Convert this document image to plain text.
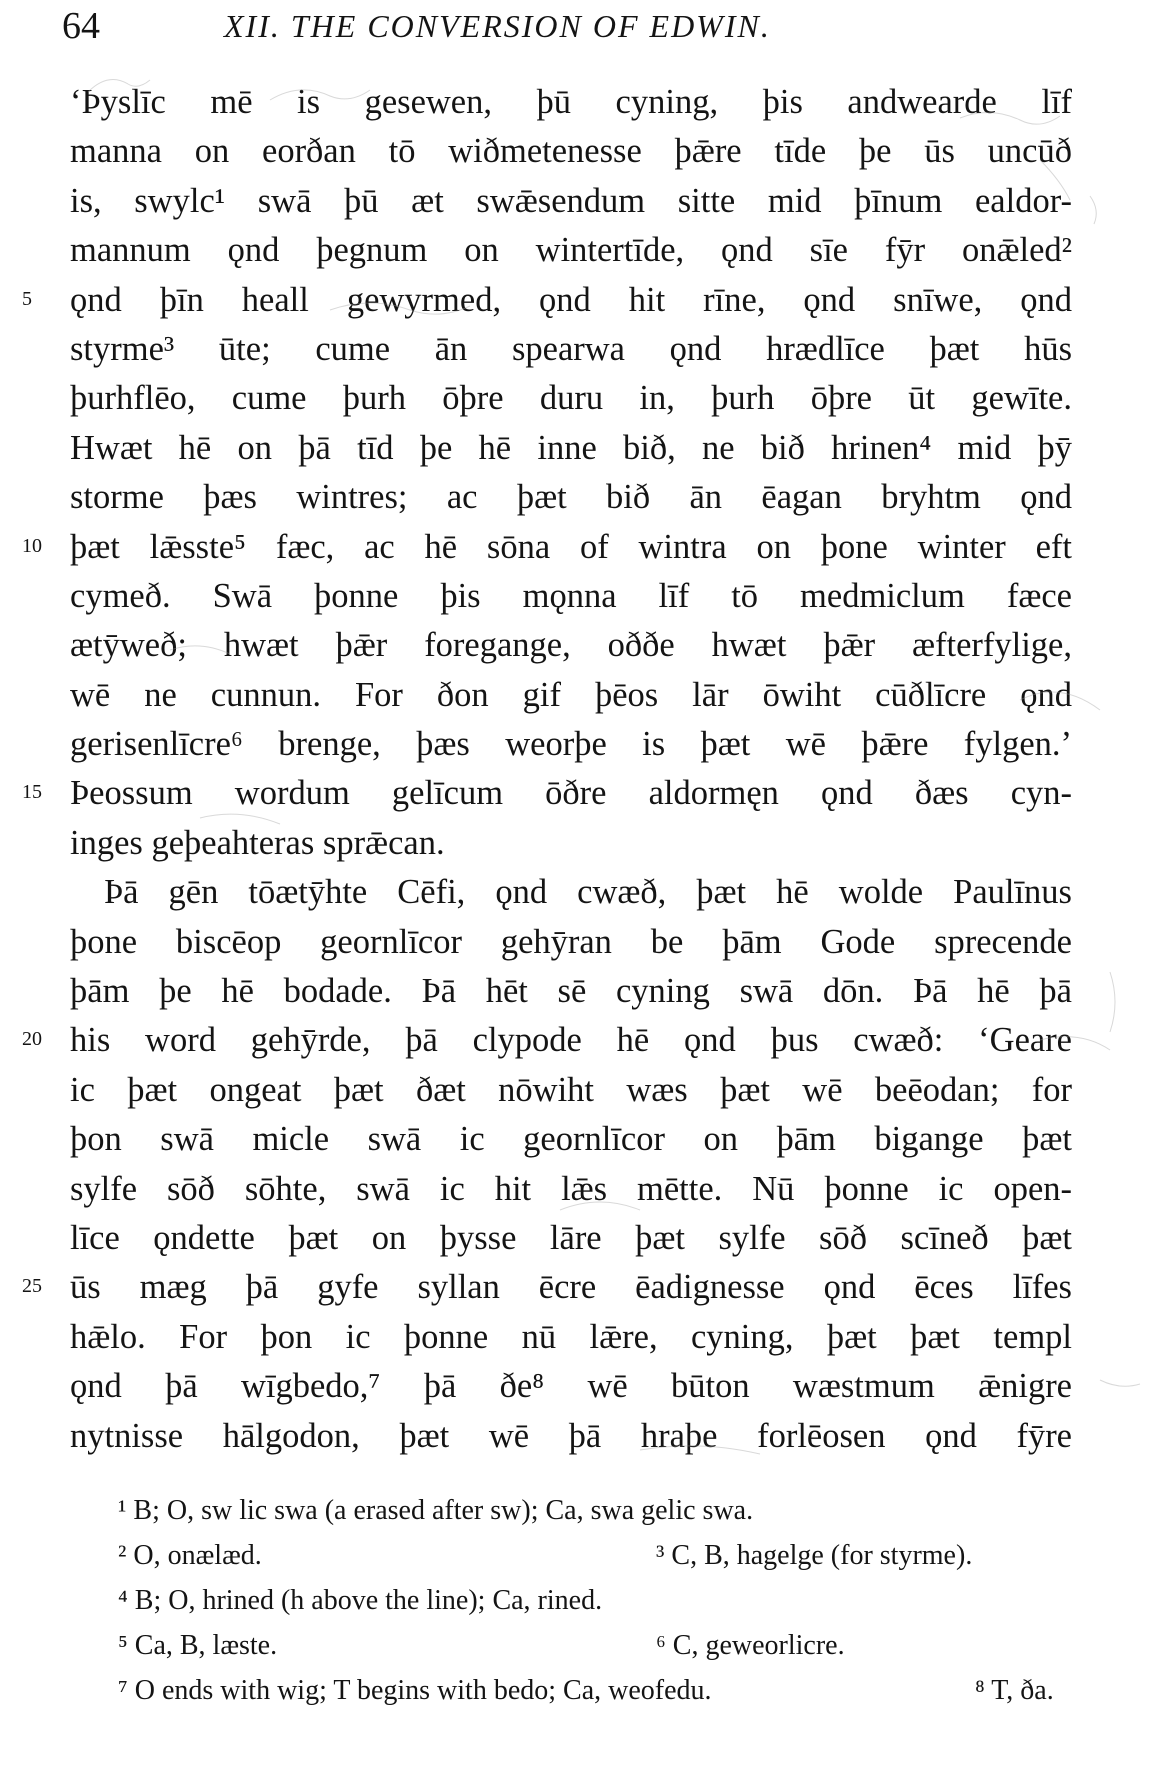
64	XII. THE CONVERSION OF EDWIN.
‘Þyslīc mē is gesewen, þū cyning, þis andwearde līf
manna on eorðan tō wiðmetenesse þǣre tīde þe ūs uncūð
is, swylc¹ swā þū æt swǣsendum sitte mid þīnum ealdor-
mannum ǫnd þegnum on wintertīde, ǫnd sīe fȳr onǣled²
5 ǫnd þīn heall gewyrmed, ǫnd hit rīne, ǫnd snīwe, ǫnd
styrme³ ūte; cume ān spearwa ǫnd hrædlīce þæt hūs
þurhflēo, cume þurh ōþre duru in, þurh ōþre ūt gewīte.
Hwæt hē on þā tīd þe hē inne bið, ne bið hrinen⁴ mid þȳ
storme þæs wintres; ac þæt bið ān ēagan bryhtm ǫnd
10 þæt lǣsste⁵ fæc, ac hē sōna of wintra on þone winter eft
cymeð. Swā þonne þis mǫnna līf tō medmiclum fæce
ætȳweð; hwæt þǣr foregange, oððe hwæt þǣr æfterfylige,
wē ne cunnun. For ðon gif þēos lār ōwiht cūðlīcre ǫnd
gerisenlīcre⁶ brenge, þæs weorþe is þæt wē þǣre fylgen.’
15 Þeossum wordum gelīcum ōðre aldormęn ǫnd ðæs cyn-
inges geþeahteras sprǣcan.
Þā gēn tōætȳhte Cēfi, ǫnd cwæð, þæt hē wolde Paulīnus
þone biscēop geornlīcor gehȳran be þām Gode sprecende
þām þe hē bodade. Þā hēt sē cyning swā dōn. Þā hē þā
20 his word gehȳrde, þā clypode hē ǫnd þus cwæð: ‘Geare
ic þæt ongeat þæt ðæt nōwiht wæs þæt wē beēodan; for
þon swā micle swā ic geornlīcor on þām bigange þæt
sylfe sōð sōhte, swā ic hit lǣs mētte. Nū þonne ic open-
līce ǫndette þæt on þysse lāre þæt sylfe sōð scīneð þæt
25 ūs mæg þā gyfe syllan ēcre ēadignesse ǫnd ēces līfes
hǣlo. For þon ic þonne nū lǣre, cyning, þæt þæt templ
ǫnd þā wīgbedo,⁷ þā ðe⁸ wē būton wæstmum ǣnigre
nytnisse hālgodon, þæt wē þā hraþe forlēosen ǫnd fȳre
¹ B; O, sw lic swa (a erased after sw); Ca, swa gelic swa.
² O, onælæd.	³ C, B, hagelge (for styrme).
⁴ B; O, hrined (h above the line); Ca, rined.
⁵ Ca, B, læste.	⁶ C, geweorlicre.
⁷ O ends with wig; T begins with bedo; Ca, weofedu.	⁸ T, ða.
